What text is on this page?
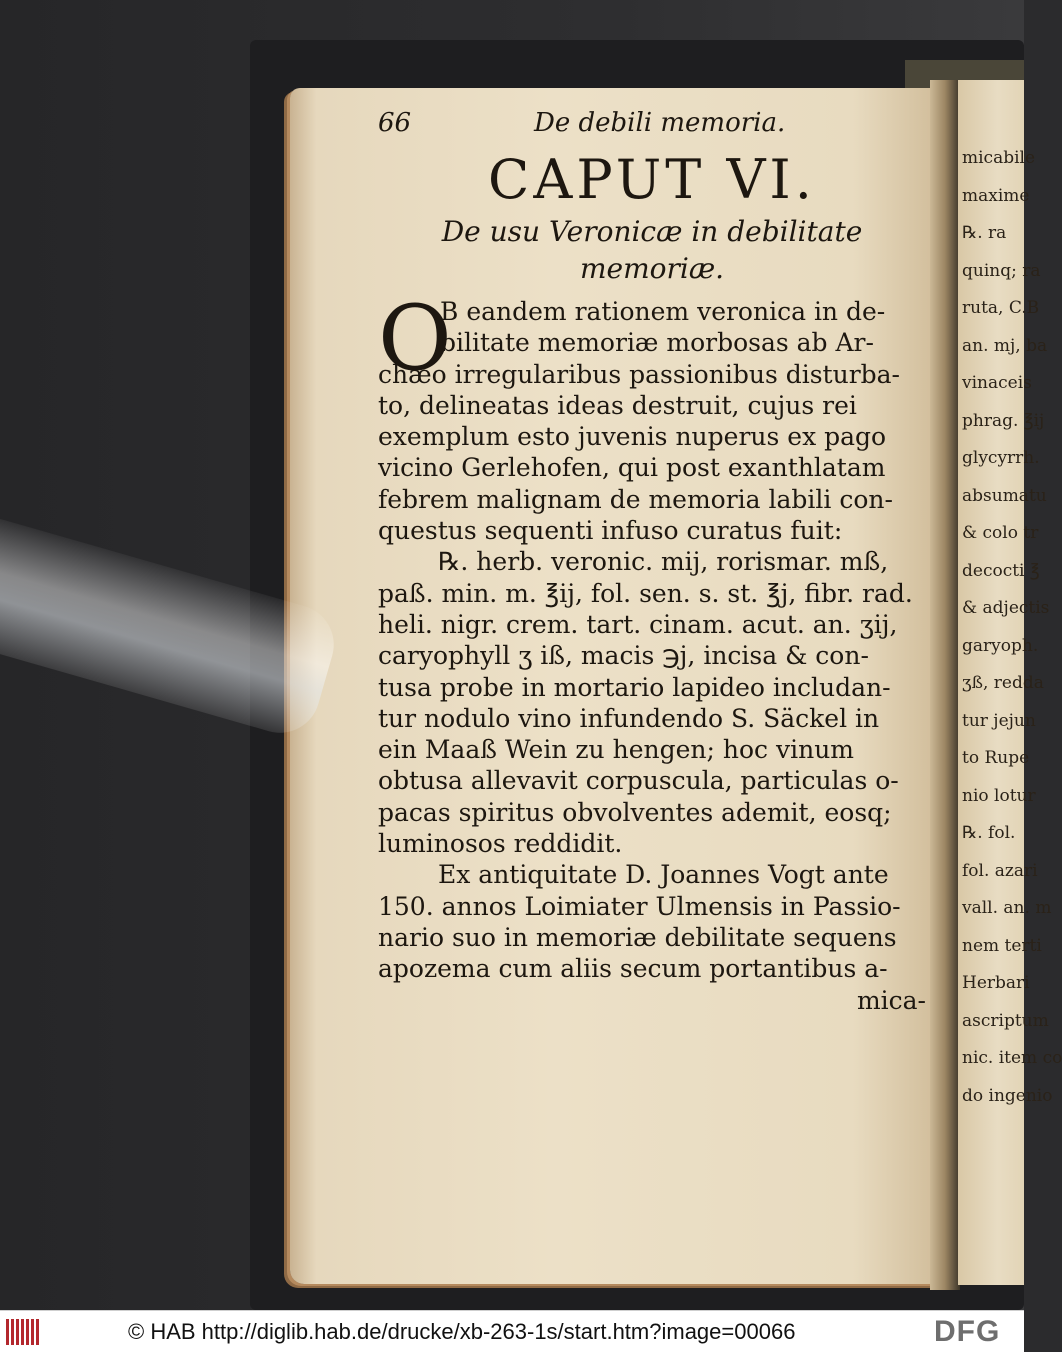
micabile
maxime
℞. ra
quinq; ra
ruta, C.B
an. mj, ba
vinaceis
phrag. ℥ij
glycyrrh.
absumatu
& colo tr
decocti ℥
& adjectis
garyoph.
ʒß, redda
tur jejun
to Rupe
nio lotur
℞. fol.
fol. azari
vall. an. m
nem terti
Herbari
ascriptum
nic. item co
do ingenio
66	De debili memoria.
CAPUT VI.
De usu Veronicæ in debilitate
memoriæ.
O
B eandem rationem veronica in de-
bilitate memoriæ morbosas ab Ar-
chæo irregularibus passionibus disturba-
to, delineatas ideas destruit, cujus rei
exemplum esto juvenis nuperus ex pago
vicino Gerlehofen, qui post exanthlatam
febrem malignam de memoria labili con-
questus sequenti infuso curatus fuit:
℞. herb. veronic. mij, rorismar. mß,
paß. min. m. ℥ij, fol. sen. s. st. ℥j, fibr. rad.
heli. nigr. crem. tart. cinam. acut. an. ʒij,
caryophyll ʒ iß, macis ℈j, incisa & con-
tusa probe in mortario lapideo includan-
tur nodulo vino infundendo S. Säckel in
ein Maaß Wein zu hengen; hoc vinum
obtusa allevavit corpuscula, particulas o-
pacas spiritus obvolventes ademit, eosq;
luminosos reddidit.
Ex antiquitate D. Joannes Vogt ante
150. annos Loimiater Ulmensis in Passio-
nario suo in memoriæ debilitate sequens
apozema cum aliis secum portantibus a-
mica-
© HAB http://diglib.hab.de/drucke/xb-263-1s/start.htm?image=00066	DFG
